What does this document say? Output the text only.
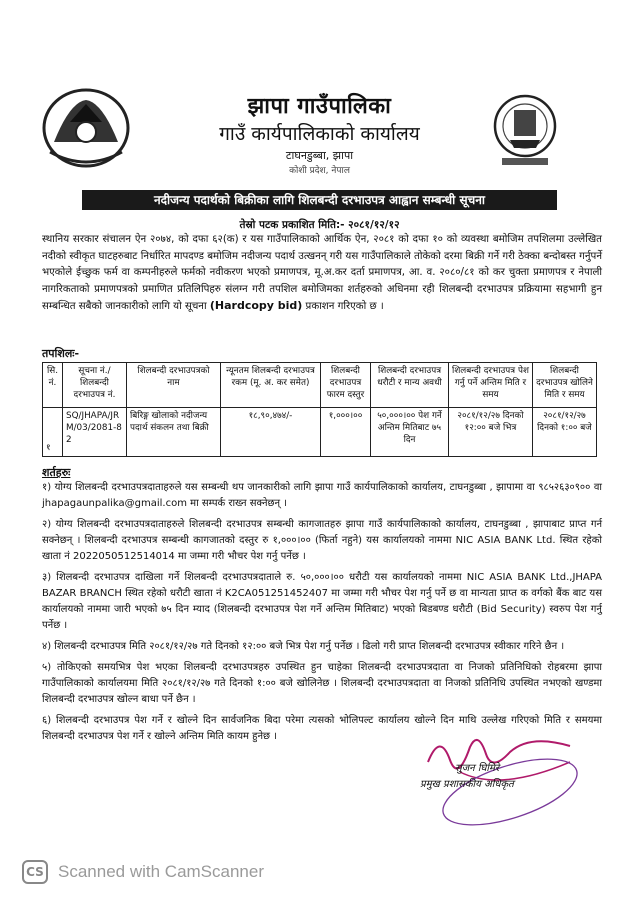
झापा गाउँपालिका
गाउँ कार्यपालिकाको कार्यालय
टाघनडुब्बा, झापा
कोशी प्रदेश, नेपाल
नदीजन्य पदार्थको बिक्रीका लागि शिलबन्दी दरभाउपत्र आह्वान सम्बन्धी सूचना
तेस्रो पटक प्रकाशित मिति:- २०८१/१२/१२
स्थानिय सरकार संचालन ऐन २०७४, को दफा ६२(क) र यस गाउँपालिकाको आर्थिक ऐन, २०८१ को दफा १० को व्यवस्था बमोजिम तपशिलमा उल्लेखित नदीको स्वीकृत घाटहरुबाट निर्धारित मापदण्ड बमोजिम नदीजन्य पदार्थ उत्खनन् गरी यस गाउँपालिकाले तोकेको दरमा बिक्री गर्ने गरी ठेक्का बन्दोबस्त गर्नुपर्ने भएकोले ईच्छुक फर्म वा कम्पनीहरुले फर्मको नवीकरण भएको प्रमाणपत्र, मू.अ.कर दर्ता प्रमाणपत्र, आ. व. २०८०/८१ को कर चुक्ता प्रमाणपत्र र नेपाली नागरिकताको प्रमाणपत्रको प्रमाणित प्रतिलिपिहरु संलग्न गरी तपशिल बमोजिमका शर्तहरुको अधिनमा रही शिलबन्दी दरभाउपत्र प्रक्रियामा सहभागी हुन सम्बन्धित सबैको जानकारीको लागि यो सूचना (Hardcopy bid) प्रकाशन गरिएको छ ।
तपशिलः-
सि. नं.	सूचना नं./ शिलबन्दी दरभाउपत्र नं.	शिलबन्दी दरभाउपत्रको नाम	न्यूनतम शिलबन्दी दरभाउपत्र रकम (मू. अ. कर समेत)	शिलबन्दी दरभाउपत्र फारम दस्तुर	शिलबन्दी दरभाउपत्र धरौटी र मान्य अवधी	शिलबन्दी दरभाउपत्र पेश गर्नु पर्ने अन्तिम मिति र समय	शिलबन्दी दरभाउपत्र खोलिने मिति र समय
१	SQ/JHAPA/JRM/03/2081-82	बिरिङ्ग खोलाको नदीजन्य पदार्थ संकलन तथा बिक्री	१८,९०,४७४/-	१,०००।००	५०,०००।०० पेश गर्ने अन्तिम मितिबाट ७५ दिन	२०८१/१२/२७ दिनको १२:०० बजे भित्र	२०८१/१२/२७ दिनको १:०० बजे
शर्तहरुः
१) योग्य शिलबन्दी दरभाउपत्रदाताहरुले यस सम्बन्धी थप जानकारीको लागि झापा गाउँ कार्यपालिकाको कार्यालय, टाघनडुब्बा , झापामा वा ९८५२६३०९०० वा jhapagaunpalika@gmail.com मा सम्पर्क राख्न सक्नेछन् ।
२) योग्य शिलबन्दी दरभाउपत्रदाताहरुले शिलबन्दी दरभाउपत्र सम्बन्धी कागजातहरु झापा गाउँ कार्यपालिकाको कार्यालय, टाघनडुब्बा , झापाबाट प्राप्त गर्न सक्नेछन् । शिलबन्दी दरभाउपत्र सम्बन्धी कागजातको दस्तुर रु १,०००।०० (फिर्ता नहुने) यस कार्यालयको नाममा NIC ASIA BANK Ltd. स्थित रहेको खाता नं 2022050512514014 मा जम्मा गरी भौचर पेश गर्नु पर्नेछ ।
३) शिलबन्दी दरभाउपत्र दाखिला गर्ने शिलबन्दी दरभाउपत्रदाताले रु. ५०,०००।०० धरौटी यस कार्यालयको नाममा NIC ASIA BANK Ltd.,JHAPA BAZAR BRANCH स्थित रहेको धरौटी खाता नं K2CA051251452407 मा जम्मा गरी भौचर पेश गर्नु पर्ने छ वा मान्यता प्राप्त क वर्गको बैंक बाट यस कार्यालयको नाममा जारी भएको ७५ दिन म्याद (शिलबन्दी दरभाउपत्र पेश गर्ने अन्तिम मितिबाट) भएको बिडबण्ड धरौटी (Bid Security) स्वरुप पेश गर्नु पर्नेछ ।
४) शिलबन्दी दरभाउपत्र मिति २०८१/१२/२७ गते दिनको १२:०० बजे भित्र पेश गर्नु पर्नेछ । ढिलो गरी प्राप्त शिलबन्दी दरभाउपत्र स्वीकार गरिने छैन ।
५) तोकिएको समयभित्र पेश भएका शिलबन्दी दरभाउपत्रहरु उपस्थित हुन चाहेका शिलबन्दी दरभाउपत्रदाता वा निजको प्रतिनिधिको रोहबरमा झापा गाउँपालिकाको कार्यालयमा मिति २०८१/१२/२७ गते दिनको १:०० बजे खोलिनेछ । शिलबन्दी दरभाउपत्रदाता वा निजको प्रतिनिधि उपस्थित नभएको खण्डमा शिलबन्दी दरभाउपत्र खोल्न बाधा पर्ने छैन ।
६) शिलबन्दी दरभाउपत्र पेश गर्ने र खोल्ने दिन सार्वजनिक बिदा परेमा त्यसको भोलिपल्ट कार्यालय खोल्ने दिन माथि उल्लेख गरिएको मिति र समयमा शिलबन्दी दरभाउपत्र पेश गर्ने र खोल्ने अन्तिम मिति कायम हुनेछ ।
सुजन घिमिरे
प्रमुख प्रशासकीय अधिकृत
CS Scanned with CamScanner
